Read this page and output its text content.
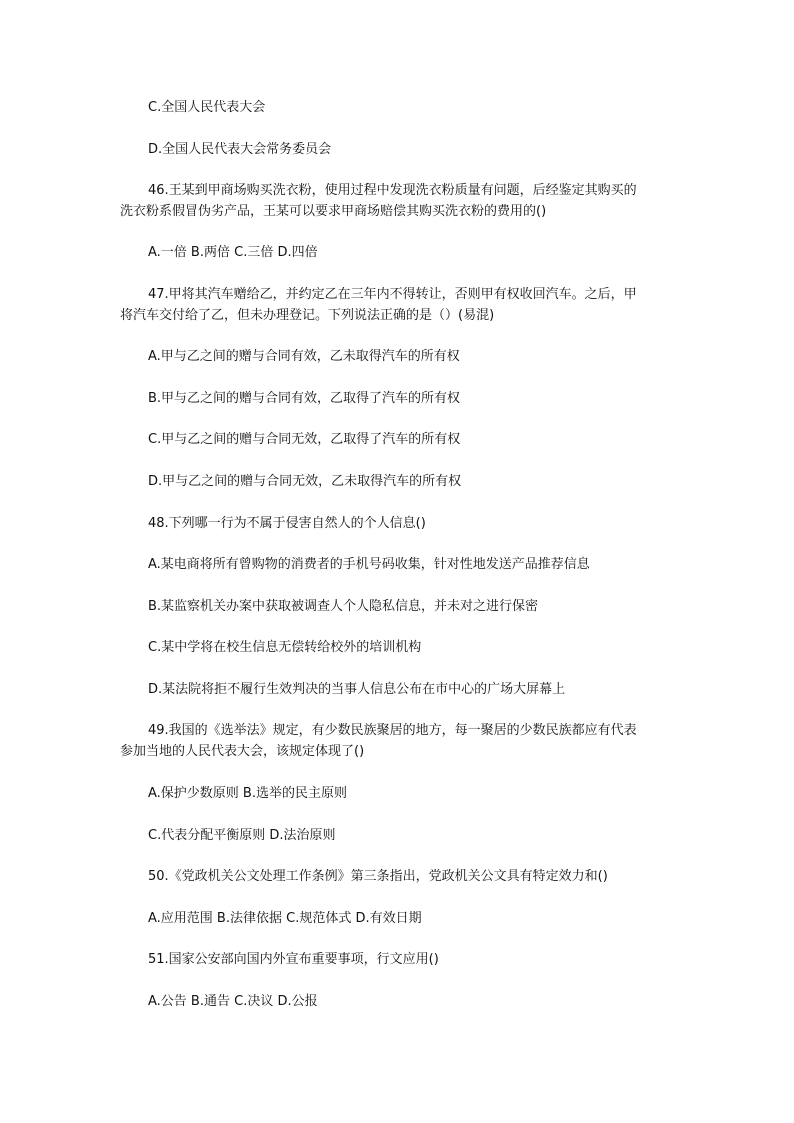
C.全国人民代表大会
D.全国人民代表大会常务委员会
46.王某到甲商场购买洗衣粉，使用过程中发现洗衣粉质量有问题，后经鉴定其购买的
洗衣粉系假冒伪劣产品，王某可以要求甲商场赔偿其购买洗衣粉的费用的()
A.一倍 B.两倍 C.三倍 D.四倍
47.甲将其汽车赠给乙，并约定乙在三年内不得转让，否则甲有权收回汽车。之后，甲
将汽车交付给了乙，但未办理登记。下列说法正确的是（）(易混)
A.甲与乙之间的赠与合同有效，乙未取得汽车的所有权
B.甲与乙之间的赠与合同有效，乙取得了汽车的所有权
C.甲与乙之间的赠与合同无效，乙取得了汽车的所有权
D.甲与乙之间的赠与合同无效，乙未取得汽车的所有权
48.下列哪一行为不属于侵害自然人的个人信息()
A.某电商将所有曾购物的消费者的手机号码收集，针对性地发送产品推荐信息
B.某监察机关办案中获取被调查人个人隐私信息，并未对之进行保密
C.某中学将在校生信息无偿转给校外的培训机构
D.某法院将拒不履行生效判决的当事人信息公布在市中心的广场大屏幕上
49.我国的《选举法》规定，有少数民族聚居的地方，每一聚居的少数民族都应有代表
参加当地的人民代表大会，该规定体现了()
A.保护少数原则 B.选举的民主原则
C.代表分配平衡原则 D.法治原则
50.《党政机关公文处理工作条例》第三条指出，党政机关公文具有特定效力和()
A.应用范围 B.法律依据 C.规范体式 D.有效日期
51.国家公安部向国内外宣布重要事项，行文应用()
A.公告 B.通告 C.决议 D.公报
